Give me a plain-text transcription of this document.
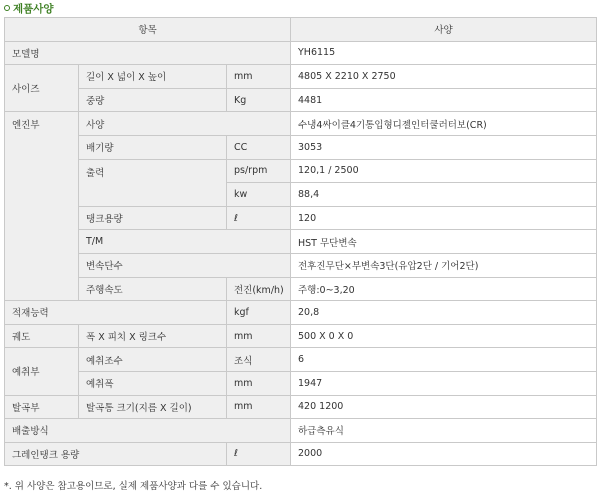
제품사양
항목			사양
모델명			YH6115
사이즈	길이 X 넓이 X 높이	mm	4805 X 2210 X 2750
	중량	Kg	4481
엔진부	사양		수냉4싸이클4기통입형디젤인터쿨러터보(CR)
	배기량	CC	3053
	출력	ps/rpm	120,1 / 2500
		kw	88,4
	탱크용량	ℓ	120
	T/M		HST 무단변속
	변속단수		전후진무단×부변속3단(유압2단 / 기어2단)
	주행속도	전진(km/h)	주행:0~3,20
적재능력		kgf	20,8
궤도	폭 X 피치 X 링크수	mm	500 X 0 X 0
예취부	예취조수	조식	6
	예취폭	mm	1947
탈곡부	탈곡통 크기(지름 X 길이)	mm	420 1200
배출방식			하급측유식
그레인탱크 용량		ℓ	2000
*. 위 사양은 참고용이므로, 실제 제품사양과 다를 수 있습니다.
